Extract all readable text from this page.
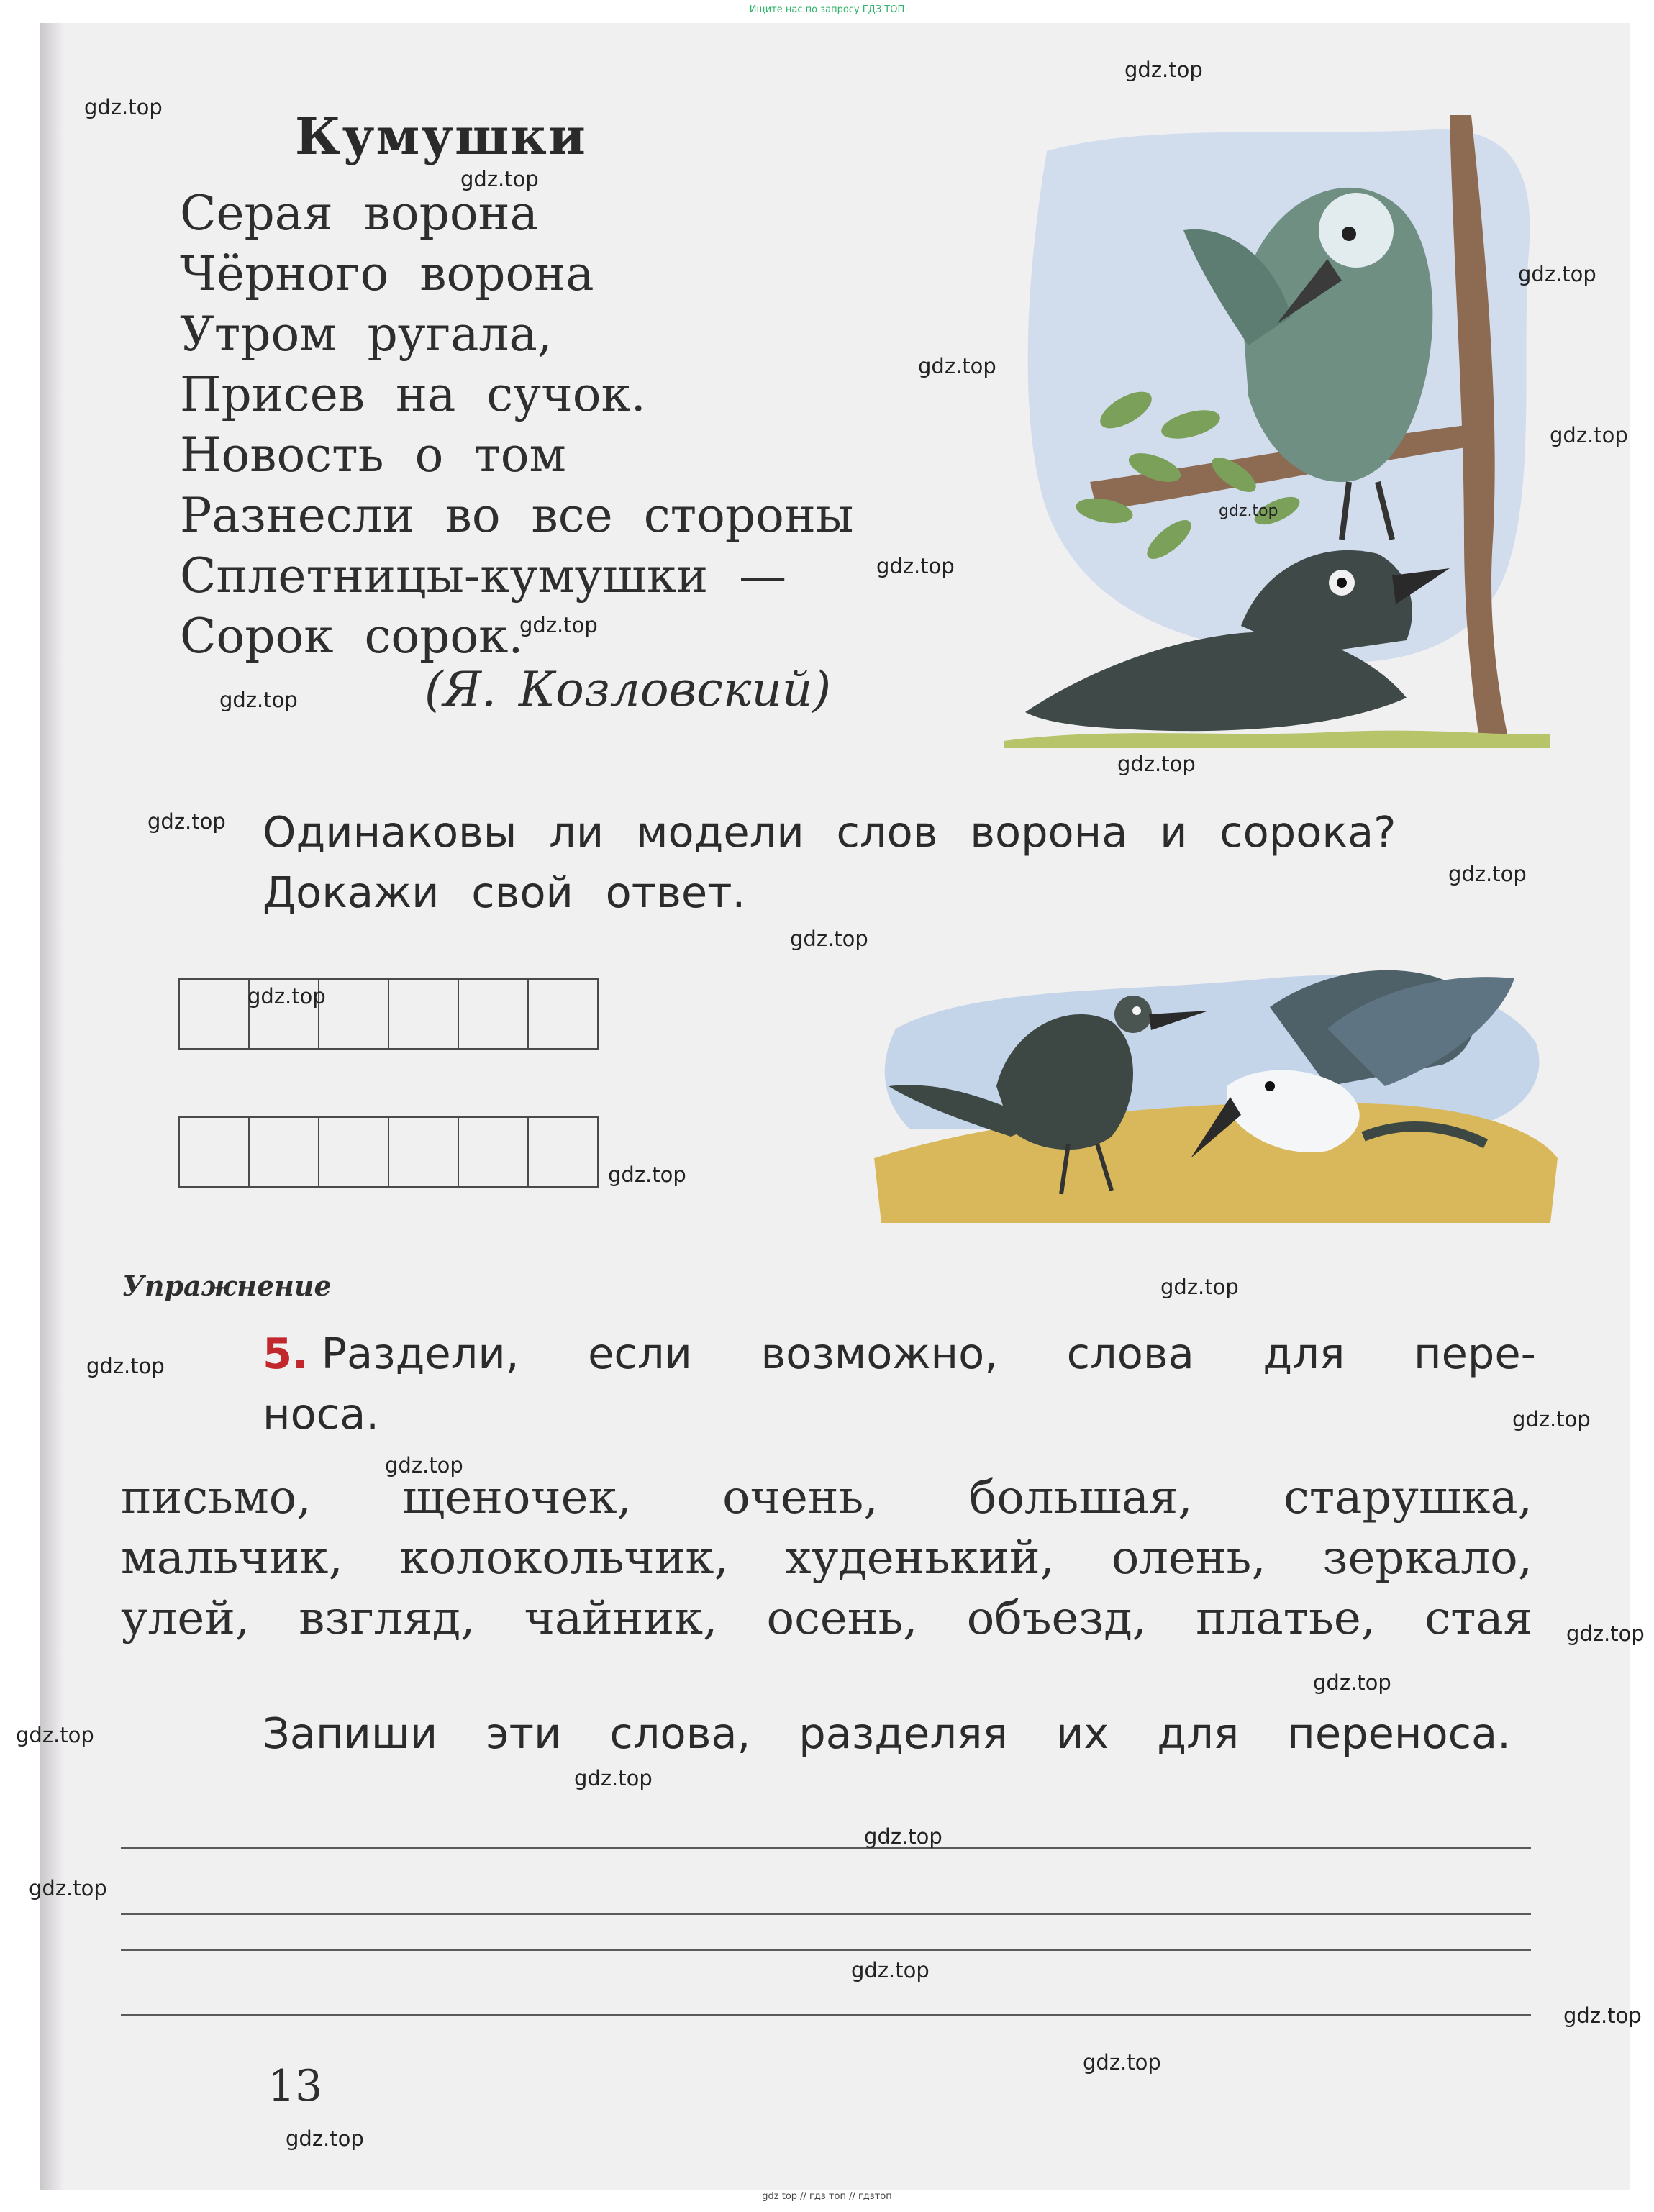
Ищите нас по запросу ГДЗ ТОП
Кумушки
Серая ворона
Чёрного ворона
Утром ругала,
Присев на сучок.
Новость о том
Разнесли во все стороны
Сплетницы-кумушки —
Сорок сорок.
(Я. Козловский)
Одинаковы ли модели слов ворона и сорока?
Докажи свой ответ.

Упражнение
5. Раздели, если возможно, слова для пере-
носа.
письмо, щеночек, очень, большая, старушка,
мальчик, колокольчик, худенький, олень, зеркало,
улей, взгляд, чайник, осень, объезд, платье, стая
Запиши эти слова, разделяя их для переноса.
13
gdz.top
gdz.top
gdz.top
gdz.top
gdz.top
gdz.top
gdz.top
gdz.top
gdz.top
gdz.top
gdz.top
gdz.top
gdz.top
gdz.top
gdz.top
gdz.top
gdz.top
gdz.top
gdz.top
gdz.top
gdz.top
gdz.top
gdz.top
gdz.top
gdz.top
gdz.top
gdz.top
gdz.top
gdz.top
gdz.top
gdz top // гдз топ // гдзтоп
